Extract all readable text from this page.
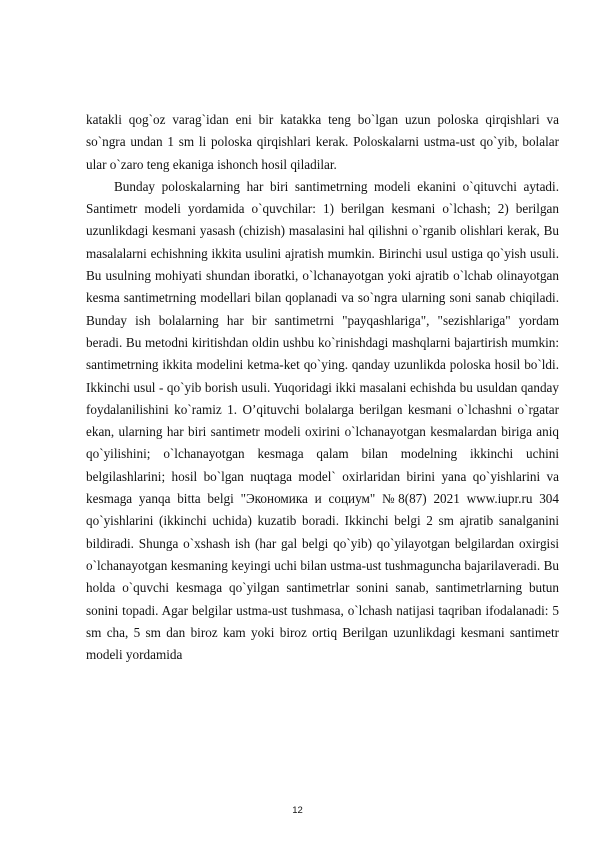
katakli qog`oz varag`idan eni bir katakka teng bo`lgan uzun poloska qirqishlari va so`ngra undan 1 sm li poloska qirqishlari kerak. Poloskalarni ustma-ust qo`yib, bolalar ular o`zaro teng ekaniga ishonch hosil qiladilar.

Bunday poloskalarning har biri santimetrning modeli ekanini o`qituvchi aytadi. Santimetr modeli yordamida o`quvchilar: 1) berilgan kesmani o`lchash; 2) berilgan uzunlikdagi kesmani yasash (chizish) masalasini hal qilishni o`rganib olishlari kerak, Bu masalalarni echishning ikkita usulini ajratish mumkin. Birinchi usul ustiga qo`yish usuli. Bu usulning mohiyati shundan iboratki, o`lchanayotgan yoki ajratib o`lchab olinayotgan kesma santimetrning modellari bilan qoplanadi va so`ngra ularning soni sanab chiqiladi. Bunday ish bolalarning har bir santimetrni "payqashlariga", "sezishlariga" yordam beradi. Bu metodni kiritishdan oldin ushbu ko`rinishdagi mashqlarni bajartirish mumkin: santimetrning ikkita modelini ketma-ket qo`ying. qanday uzunlikda poloska hosil bo`ldi. Ikkinchi usul - qo`yib borish usuli. Yuqoridagi ikki masalani echishda bu usuldan qanday foydalanilishini ko`ramiz 1. O’qituvchi bolalarga berilgan kesmani o`lchashni o`rgatar ekan, ularning har biri santimetr modeli oxirini o`lchanayotgan kesmalardan biriga aniq qo`yilishini; o`lchanayotgan kesmaga qalam bilan modelning ikkinchi uchini belgilashlarini; hosil bo`lgan nuqtaga model` oxirlaridan birini yana qo`yishlarini va kesmaga yanqa bitta belgi "Экономика и социум" №8(87) 2021 www.iupr.ru 304 qo`yishlarini (ikkinchi uchida) kuzatib boradi. Ikkinchi belgi 2 sm ajratib sanalganini bildiradi. Shunga o`xshash ish (har gal belgi qo`yib) qo`yilayotgan belgilardan oxirgisi o`lchanayotgan kesmaning keyingi uchi bilan ustma-ust tushmaguncha bajarilaveradi. Bu holda o`quvchi kesmaga qo`yilgan santimetrlar sonini sanab, santimetrlarning butun sonini topadi. Agar belgilar ustma-ust tushmasa, o`lchash natijasi taqriban ifodalanadi: 5 sm cha, 5 sm dan biroz kam yoki biroz ortiq Berilgan uzunlikdagi kesmani santimetr modeli yordamida

12
